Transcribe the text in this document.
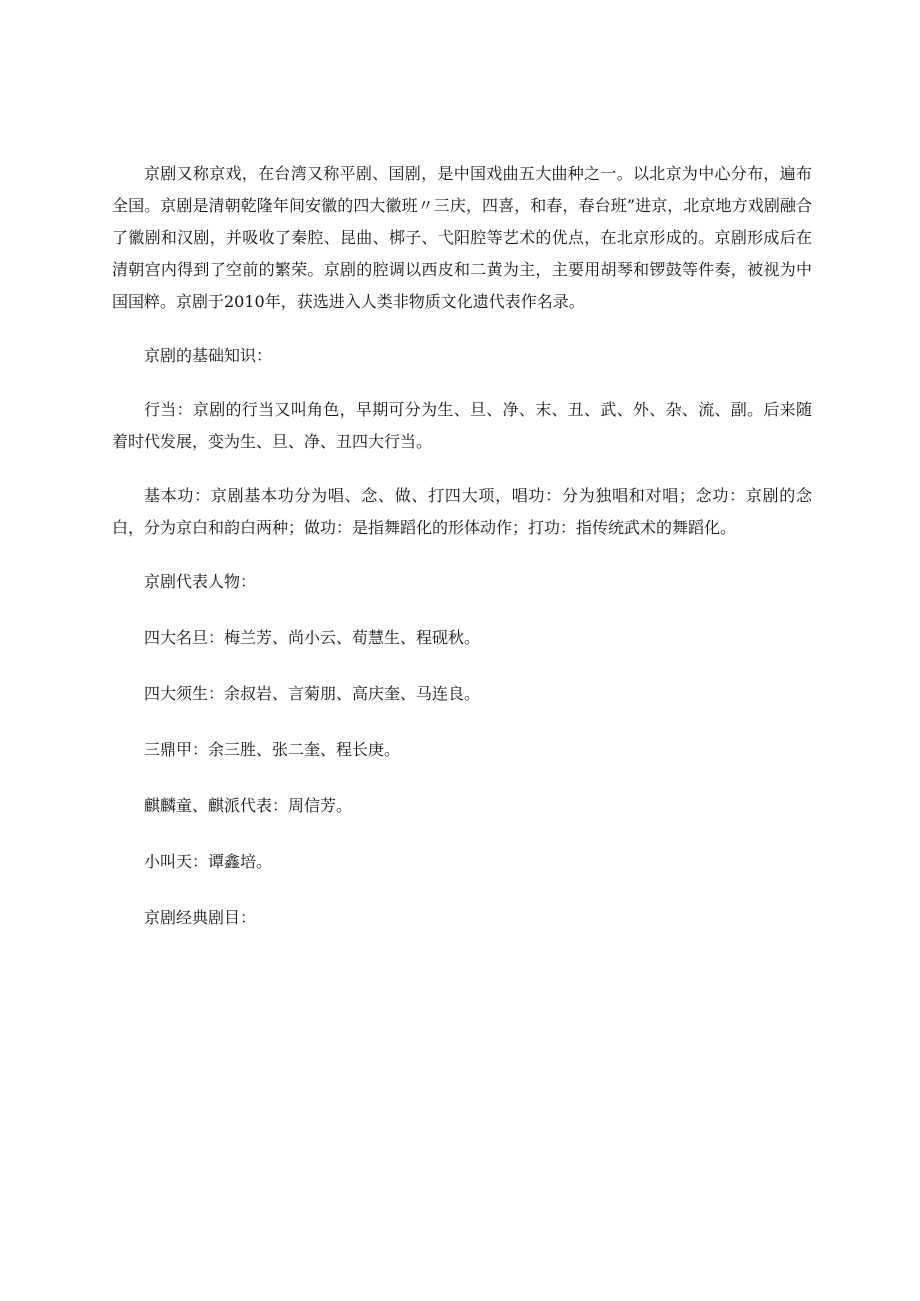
京剧又称京戏，在台湾又称平剧、国剧，是中国戏曲五大曲种之一。以北京为中心分布，遍布全国。京剧是清朝乾隆年间安徽的四大徽班〃三庆，四喜，和春，春台班”进京，北京地方戏剧融合了徽剧和汉剧，并吸收了秦腔、昆曲、梆子、弋阳腔等艺术的优点，在北京形成的。京剧形成后在清朝宫内得到了空前的繁荣。京剧的腔调以西皮和二黄为主，主要用胡琴和锣鼓等件奏，被视为中国国粹。京剧于2010年，获选进入人类非物质文化遗代表作名录。

京剧的基础知识：

行当：京剧的行当又叫角色，早期可分为生、旦、净、末、丑、武、外、杂、流、副。后来随着时代发展，变为生、旦、净、丑四大行当。

基本功：京剧基本功分为唱、念、做、打四大项，唱功：分为独唱和对唱；念功：京剧的念白，分为京白和韵白两种；做功：是指舞蹈化的形体动作；打功：指传统武术的舞蹈化。

京剧代表人物：

四大名旦：梅兰芳、尚小云、荀慧生、程砚秋。

四大须生：余叔岩、言菊朋、高庆奎、马连良。

三鼎甲：余三胜、张二奎、程长庚。

麒麟童、麒派代表：周信芳。

小叫天：谭鑫培。

京剧经典剧目：
